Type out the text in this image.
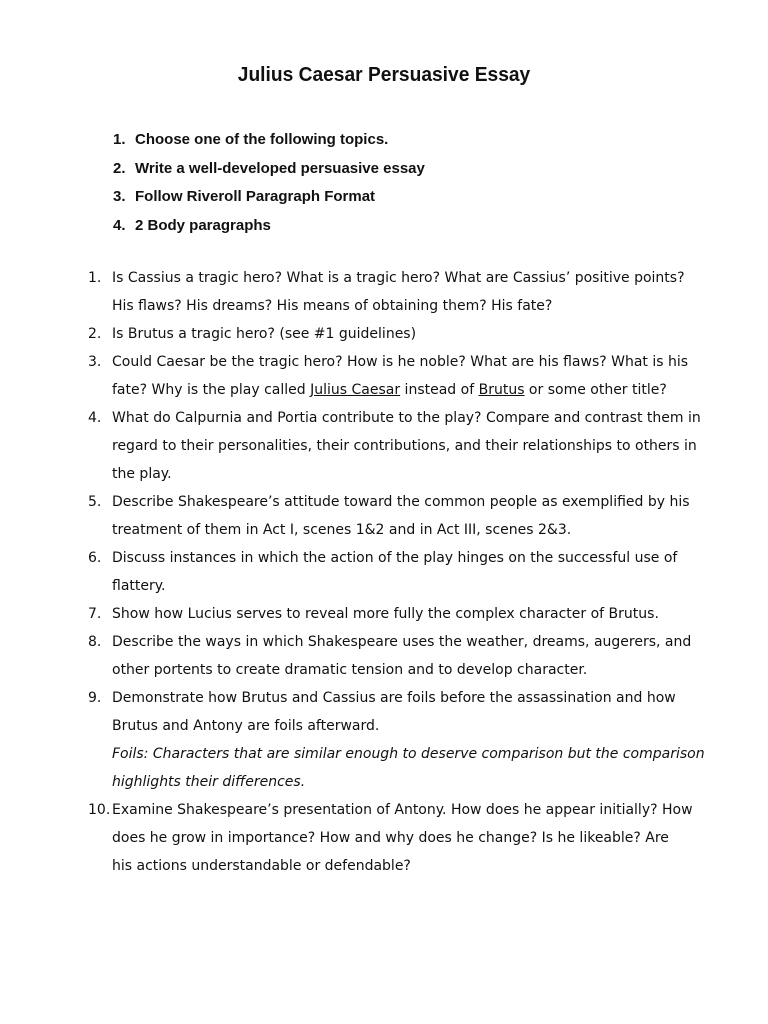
Julius Caesar Persuasive Essay
1. Choose one of the following topics.
2. Write a well-developed persuasive essay
3. Follow Riveroll Paragraph Format
4. 2 Body paragraphs
1. Is Cassius a tragic hero? What is a tragic hero? What are Cassius’ positive points?
His flaws? His dreams? His means of obtaining them? His fate?
2. Is Brutus a tragic hero? (see #1 guidelines)
3. Could Caesar be the tragic hero? How is he noble? What are his flaws? What is his
fate? Why is the play called Julius Caesar instead of Brutus or some other title?
4. What do Calpurnia and Portia contribute to the play? Compare and contrast them in
regard to their personalities, their contributions, and their relationships to others in
the play.
5. Describe Shakespeare’s attitude toward the common people as exemplified by his
treatment of them in Act I, scenes 1&2 and in Act III, scenes 2&3.
6. Discuss instances in which the action of the play hinges on the successful use of
flattery.
7. Show how Lucius serves to reveal more fully the complex character of Brutus.
8. Describe the ways in which Shakespeare uses the weather, dreams, augerers, and
other portents to create dramatic tension and to develop character.
9. Demonstrate how Brutus and Cassius are foils before the assassination and how
Brutus and Antony are foils afterward.
Foils: Characters that are similar enough to deserve comparison but the comparison
highlights their differences.
10. Examine Shakespeare’s presentation of Antony. How does he appear initially? How
does he grow in importance? How and why does he change? Is he likeable? Are
his actions understandable or defendable?
